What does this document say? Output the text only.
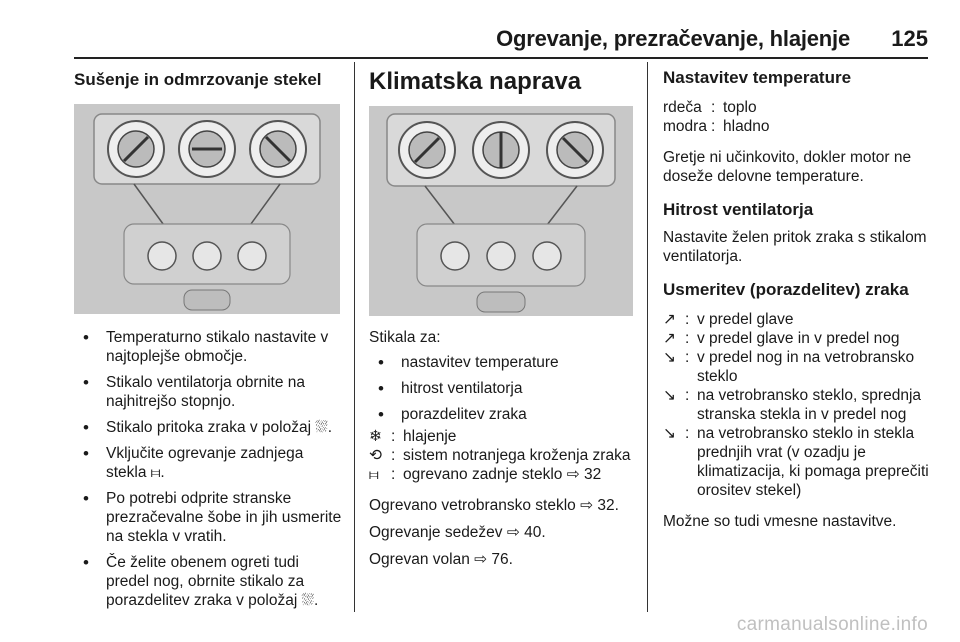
Ogrevanje, prezračevanje, hlajenje 125
Sušenje in odmrzovanje stekel
• Temperaturno stikalo nastavite v najtoplejše območje.
• Stikalo ventilatorja obrnite na najhitrejšo stopnjo.
• Stikalo pritoka zraka v položaj ⛆.
• Vključite ogrevanje zadnjega stekla ⧦.
• Po potrebi odprite stranske prezračevalne šobe in jih usmerite na stekla v vratih.
• Če želite obenem ogreti tudi predel nog, obrnite stikalo za porazdelitev zraka v položaj ⛆.
Klimatska naprava
Stikala za:
• nastavitev temperature
• hitrost ventilatorja
• porazdelitev zraka
❄ : hlajenje
⟲ : sistem notranjega kroženja zraka
⧦ : ogrevano zadnje steklo ⇨ 32
Ogrevano vetrobransko steklo ⇨ 32.
Ogrevanje sedežev ⇨ 40.
Ogrevan volan ⇨ 76.
Nastavitev temperature
rdeča : toplo
modra : hladno
Gretje ni učinkovito, dokler motor ne doseže delovne temperature.
Hitrost ventilatorja
Nastavite želen pritok zraka s stikalom ventilatorja.
Usmeritev (porazdelitev) zraka
↗ : v predel glave
↗ : v predel glave in v predel nog
↘ : v predel nog in na vetrobransko steklo
↘ : na vetrobransko steklo, sprednja stranska stekla in v predel nog
↘ : na vetrobransko steklo in stekla prednjih vrat (v ozadju je klimatizacija, ki pomaga preprečiti orositev stekel)
Možne so tudi vmesne nastavitve.
carmanualsonline.info
